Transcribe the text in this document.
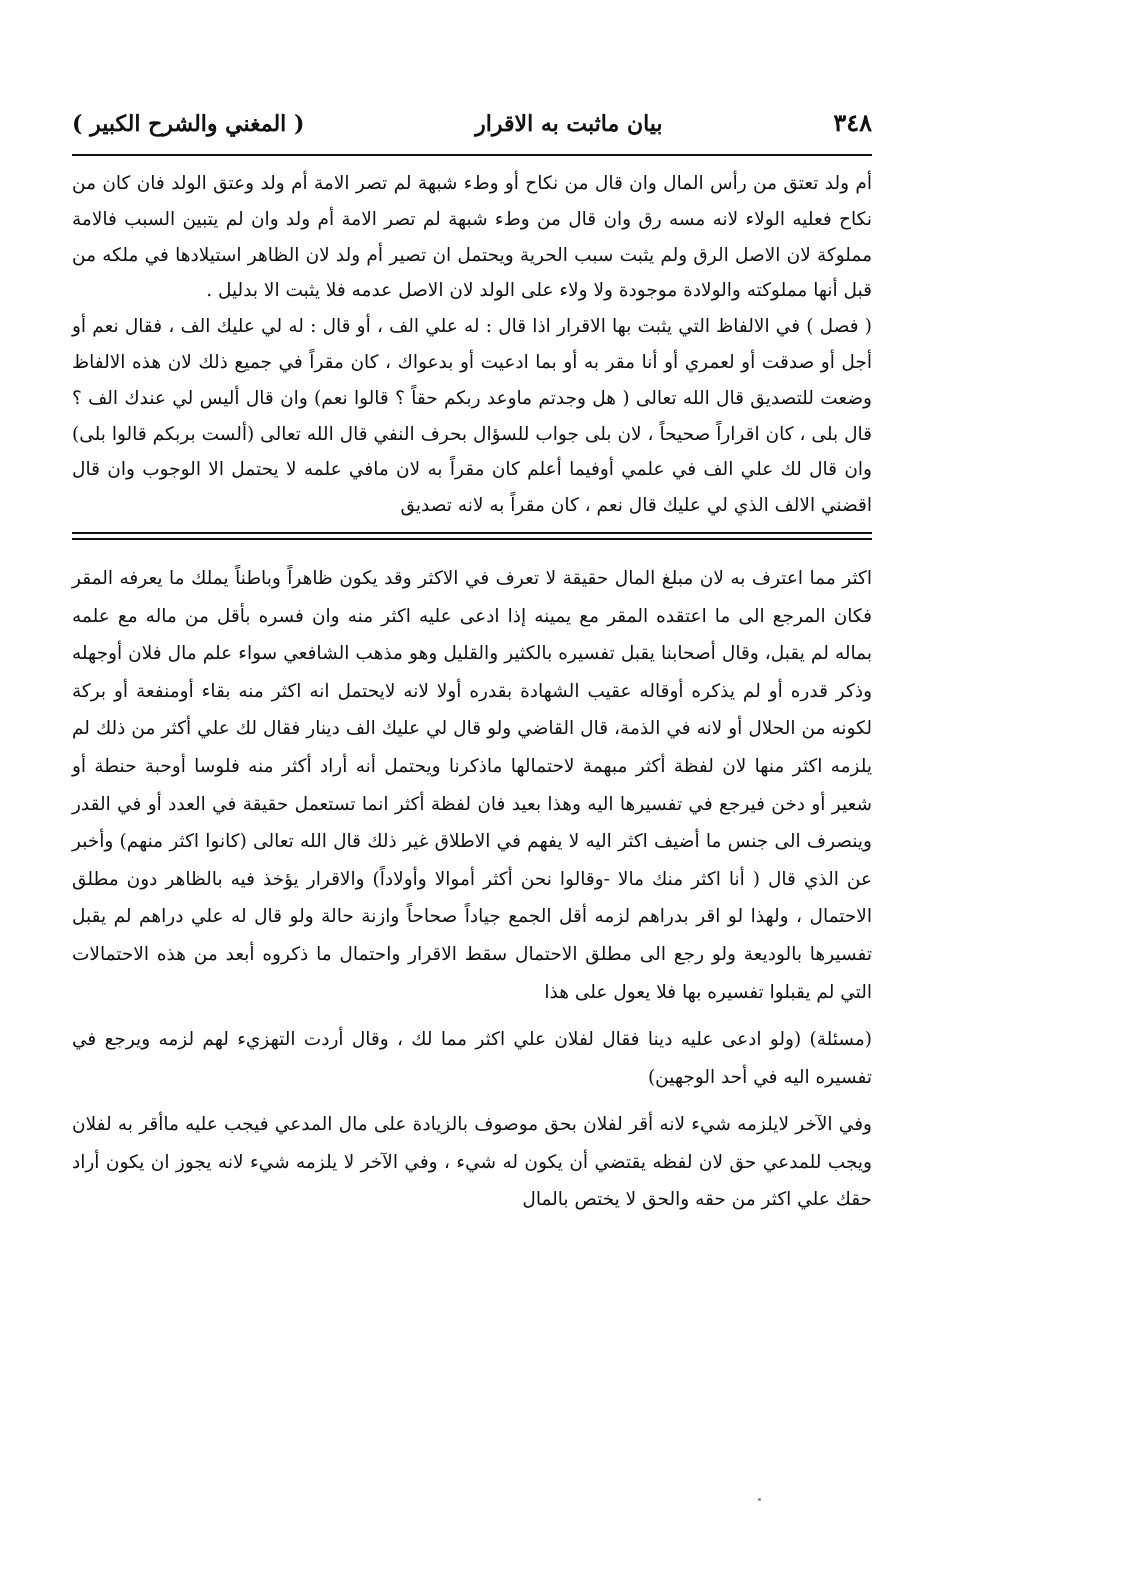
٣٤٨
بيان ماثبت به الاقرار
( المغني والشرح الكبير )

أم ولد تعتق من رأس المال وان قال من نكاح أو وطء شبهة لم تصر الامة أم ولد وعتق الولد فان كان من نكاح فعليه الولاء لانه مسه رق وان قال من وطء شبهة لم تصر الامة أم ولد وان لم يتبين السبب فالامة مملوكة لان الاصل الرق ولم يثبت سبب الحرية ويحتمل ان تصير أم ولد لان الظاهر استيلادها في ملكه من قبل أنها مملوكته والولادة موجودة ولا ولاء على الولد لان الاصل عدمه فلا يثبت الا بدليل .

( فصل ) في الالفاظ التي يثبت بها الاقرار اذا قال : له علي الف ، أو قال : له لي عليك الف ، فقال نعم أو أجل أو صدقت أو لعمري أو أنا مقر به أو بما ادعيت أو بدعواك ، كان مقراً في جميع ذلك لان هذه الالفاظ وضعت للتصديق قال الله تعالى ( هل وجدتم ماوعد ربكم حقاً ؟ قالوا نعم) وان قال أليس لي عندك الف ؟ قال بلى ، كان اقراراً صحيحاً ، لان بلى جواب للسؤال بحرف النفي قال الله تعالى (ألست بربكم قالوا بلى) وان قال لك علي الف في علمي أوفيما أعلم كان مقراً به لان مافي علمه لا يحتمل الا الوجوب وان قال اقضني الالف الذي لي عليك قال نعم ، كان مقراً به لانه تصديق

اكثر مما اعترف به لان مبلغ المال حقيقة لا تعرف في الاكثر وقد يكون ظاهراً وباطناً يملك ما يعرفه المقر فكان المرجع الى ما اعتقده المقر مع يمينه إذا ادعى عليه اكثر منه وان فسره بأقل من ماله مع علمه بماله لم يقبل، وقال أصحابنا يقبل تفسيره بالكثير والقليل وهو مذهب الشافعي سواء علم مال فلان أوجهله وذكر قدره أو لم يذكره أوقاله عقيب الشهادة بقدره أولا لانه لايحتمل انه اكثر منه بقاء أومنفعة أو بركة لكونه من الحلال أو لانه في الذمة، قال القاضي ولو قال لي عليك الف دينار فقال لك علي أكثر من ذلك لم يلزمه اكثر منها لان لفظة أكثر مبهمة لاحتمالها ماذكرنا ويحتمل أنه أراد أكثر منه فلوسا أوحبة حنطة أو شعير أو دخن فيرجع في تفسيرها اليه وهذا بعيد فان لفظة أكثر انما تستعمل حقيقة في العدد أو في القدر وينصرف الى جنس ما أضيف اكثر اليه لا يفهم في الاطلاق غير ذلك قال الله تعالى (كانوا اكثر منهم) وأخبر عن الذي قال ( أنا اكثر منك مالا -وقالوا نحن أكثر أموالا وأولاداً) والاقرار يؤخذ فيه بالظاهر دون مطلق الاحتمال ، ولهذا لو اقر بدراهم لزمه أقل الجمع جياداً صحاحاً وازنة حالة ولو قال له علي دراهم لم يقبل تفسيرها بالوديعة ولو رجع الى مطلق الاحتمال سقط الاقرار واحتمال ما ذكروه أبعد من هذه الاحتمالات التي لم يقبلوا تفسيره بها فلا يعول على هذا

(مسئلة) (ولو ادعى عليه دينا فقال لفلان علي اكثر مما لك ، وقال أردت التهزيء لهم لزمه ويرجع في تفسيره اليه في أحد الوجهين)

وفي الآخر لايلزمه شيء لانه أقر لفلان بحق موصوف بالزيادة على مال المدعي فيجب عليه ماأقر به لفلان ويجب للمدعي حق لان لفظه يقتضي أن يكون له شيء ، وفي الآخر لا يلزمه شيء لانه يجوز ان يكون أراد حقك علي اكثر من حقه والحق لا يختص بالمال
